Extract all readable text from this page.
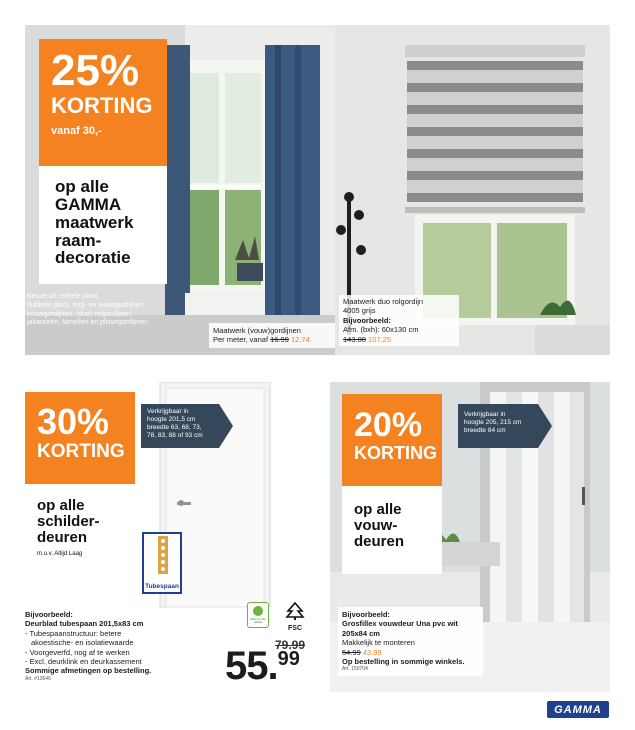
25%
KORTING
vanaf 30,-
op alle
GAMMA
maatwerk
raam-
decoratie
Keuze uit: enkele plooi,
dubbele plooi, ring- en wavegordijnen,
vouwgordijnen, (duo) rolgordijnen,
jaloezieën, lamellen en plissegordijnen
Maatwerk (vouw)gordijnen
Per meter, vanaf 16.99 12.74
Maatwerk duo rolgordijn
4005 grijs
Bijvoorbeeld:
Afm. (bxh): 60x130 cm
143.00 107.25
30%
KORTING
op alle
schilder-
deuren
m.u.v. Altijd Laag
Verkrijgbaar in
hoogte 201,5 cm
breedte 63, 68, 73,
78, 83, 88 of 93 cm
Tubespaan
Bijvoorbeeld:
Deurblad tubespaan 201,5x83 cm
- Tubespaanstructuur: betere
akoestische- en isolatiewaarde
- Voorgeverfd, nog af te werken
- Excl. deurklink en deurkassement
Sommige afmetingen op bestelling.
Art. #13646
Alleen in de winkel
FSC
79.99
55.99
20%
KORTING
op alle
vouw-
deuren
Verkrijgbaar in
hoogte 205, 215 cm
breedte 84 cm
Bijvoorbeeld:
Grosfillex vouwdeur Una pvc wit
205x84 cm
Makkelijk te monteren
54.99 43.99
Op bestelling in sommige winkels.
Art. 150704
GAMMA
